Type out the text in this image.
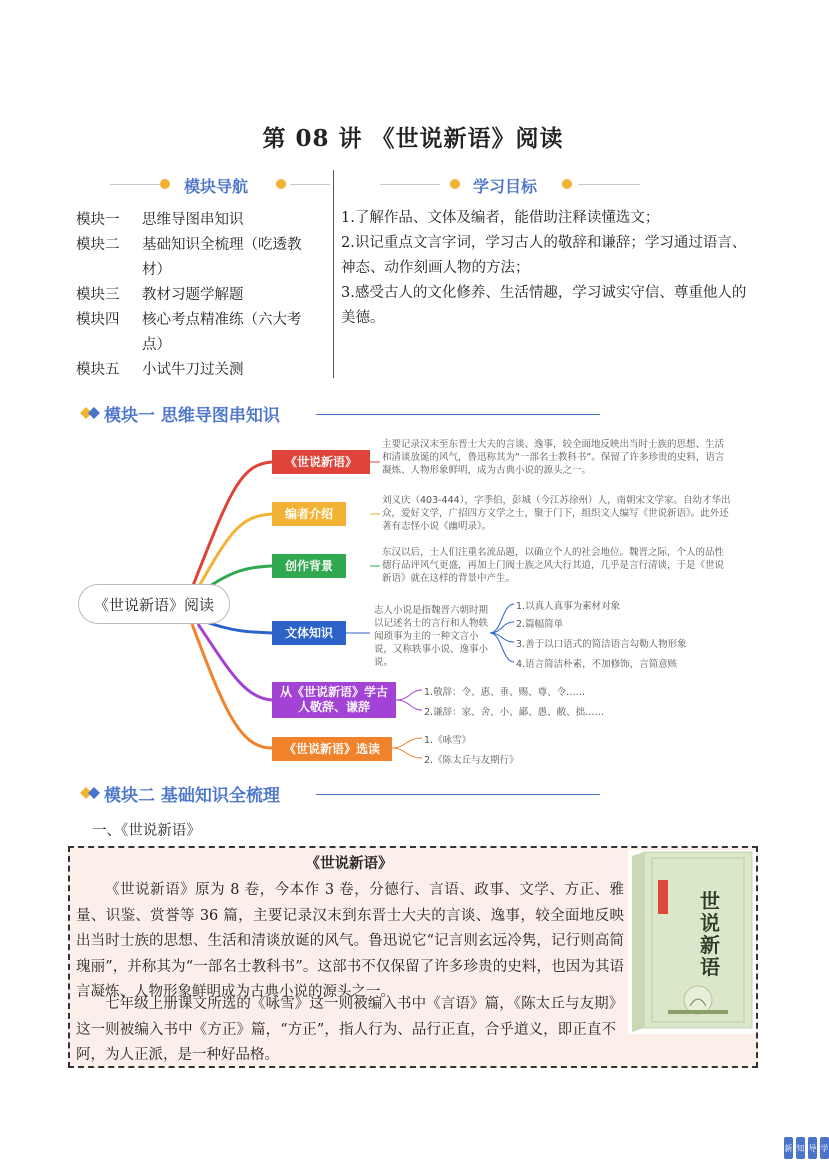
第 08 讲 《世说新语》阅读
模块导航	学习目标
模块一	思维导图串知识
模块二	基础知识全梳理（吃透教材）
模块三	教材习题学解题
模块四	核心考点精准练（六大考点）
模块五	小试牛刀过关测
1.了解作品、文体及编者，能借助注释读懂选文；
2.识记重点文言字词，学习古人的敬辞和谦辞；学习通过语言、神态、动作刻画人物的方法；
3.感受古人的文化修养、生活情趣，学习诚实守信、尊重他人的美德。
模块一 思维导图串知识
《世说新语》阅读
《世说新语》
主要记录汉末至东晋士大夫的言谈、逸事，较全面地反映出当时士族的思想、生活和清谈放诞的风气，鲁迅称其为“一部名士教科书”。保留了许多珍贵的史料，语言凝炼、人物形象鲜明，成为古典小说的源头之一。
编者介绍
刘义庆（403-444），字季伯，彭城（今江苏徐州）人，南朝宋文学家。自幼才华出众，爱好文学，广招四方文学之士，聚于门下，组织文人编写《世说新语》。此外还著有志怪小说《幽明录》。
创作背景
东汉以后，士人们注重名流品题，以确立个人的社会地位。魏晋之际，个人的品性德行品评风气更盛，再加上门阀士族之风大行其道，几乎是言行清谈，于是《世说新语》就在这样的背景中产生。
文体知识
志人小说是指魏晋六朝时期以记述名士的言行和人物轶闻琐事为主的一种文言小说，又称轶事小说、逸事小说。
1.以真人真事为素材对象
2.篇幅简单
3.善于以口语式的简洁语言勾勒人物形象
4.语言简洁朴素，不加修饰，言简意赅
从《世说新语》学古人敬辞、谦辞
1.敬辞：令、惠、垂、赐、尊、令……
2.谦辞：家、舍、小、鄙、愚、敝、拙……
《世说新语》选读
1.《咏雪》
2.《陈太丘与友期行》
模块二 基础知识全梳理
一、《世说新语》
《世说新语》
《世说新语》原为 8 卷，今本作 3 卷，分德行、言语、政事、文学、方正、雅量、识鉴、赏誉等 36 篇，主要记录汉末到东晋士大夫的言谈、逸事，较全面地反映出当时士族的思想、生活和清谈放诞的风气。鲁迅说它“记言则玄远冷隽，记行则高简瑰丽”，并称其为“一部名士教科书”。这部书不仅保留了许多珍贵的史料，也因为其语言凝炼、人物形象鲜明成为古典小说的源头之一。
七年级上册课文所选的《咏雪》这一则被编入书中《言语》篇，《陈太丘与友期》这一则被编入书中《方正》篇，“方正”，指人行为、品行正直，合乎道义，即正直不阿，为人正派，是一种好品格。
世说新语
新 知 导 学
